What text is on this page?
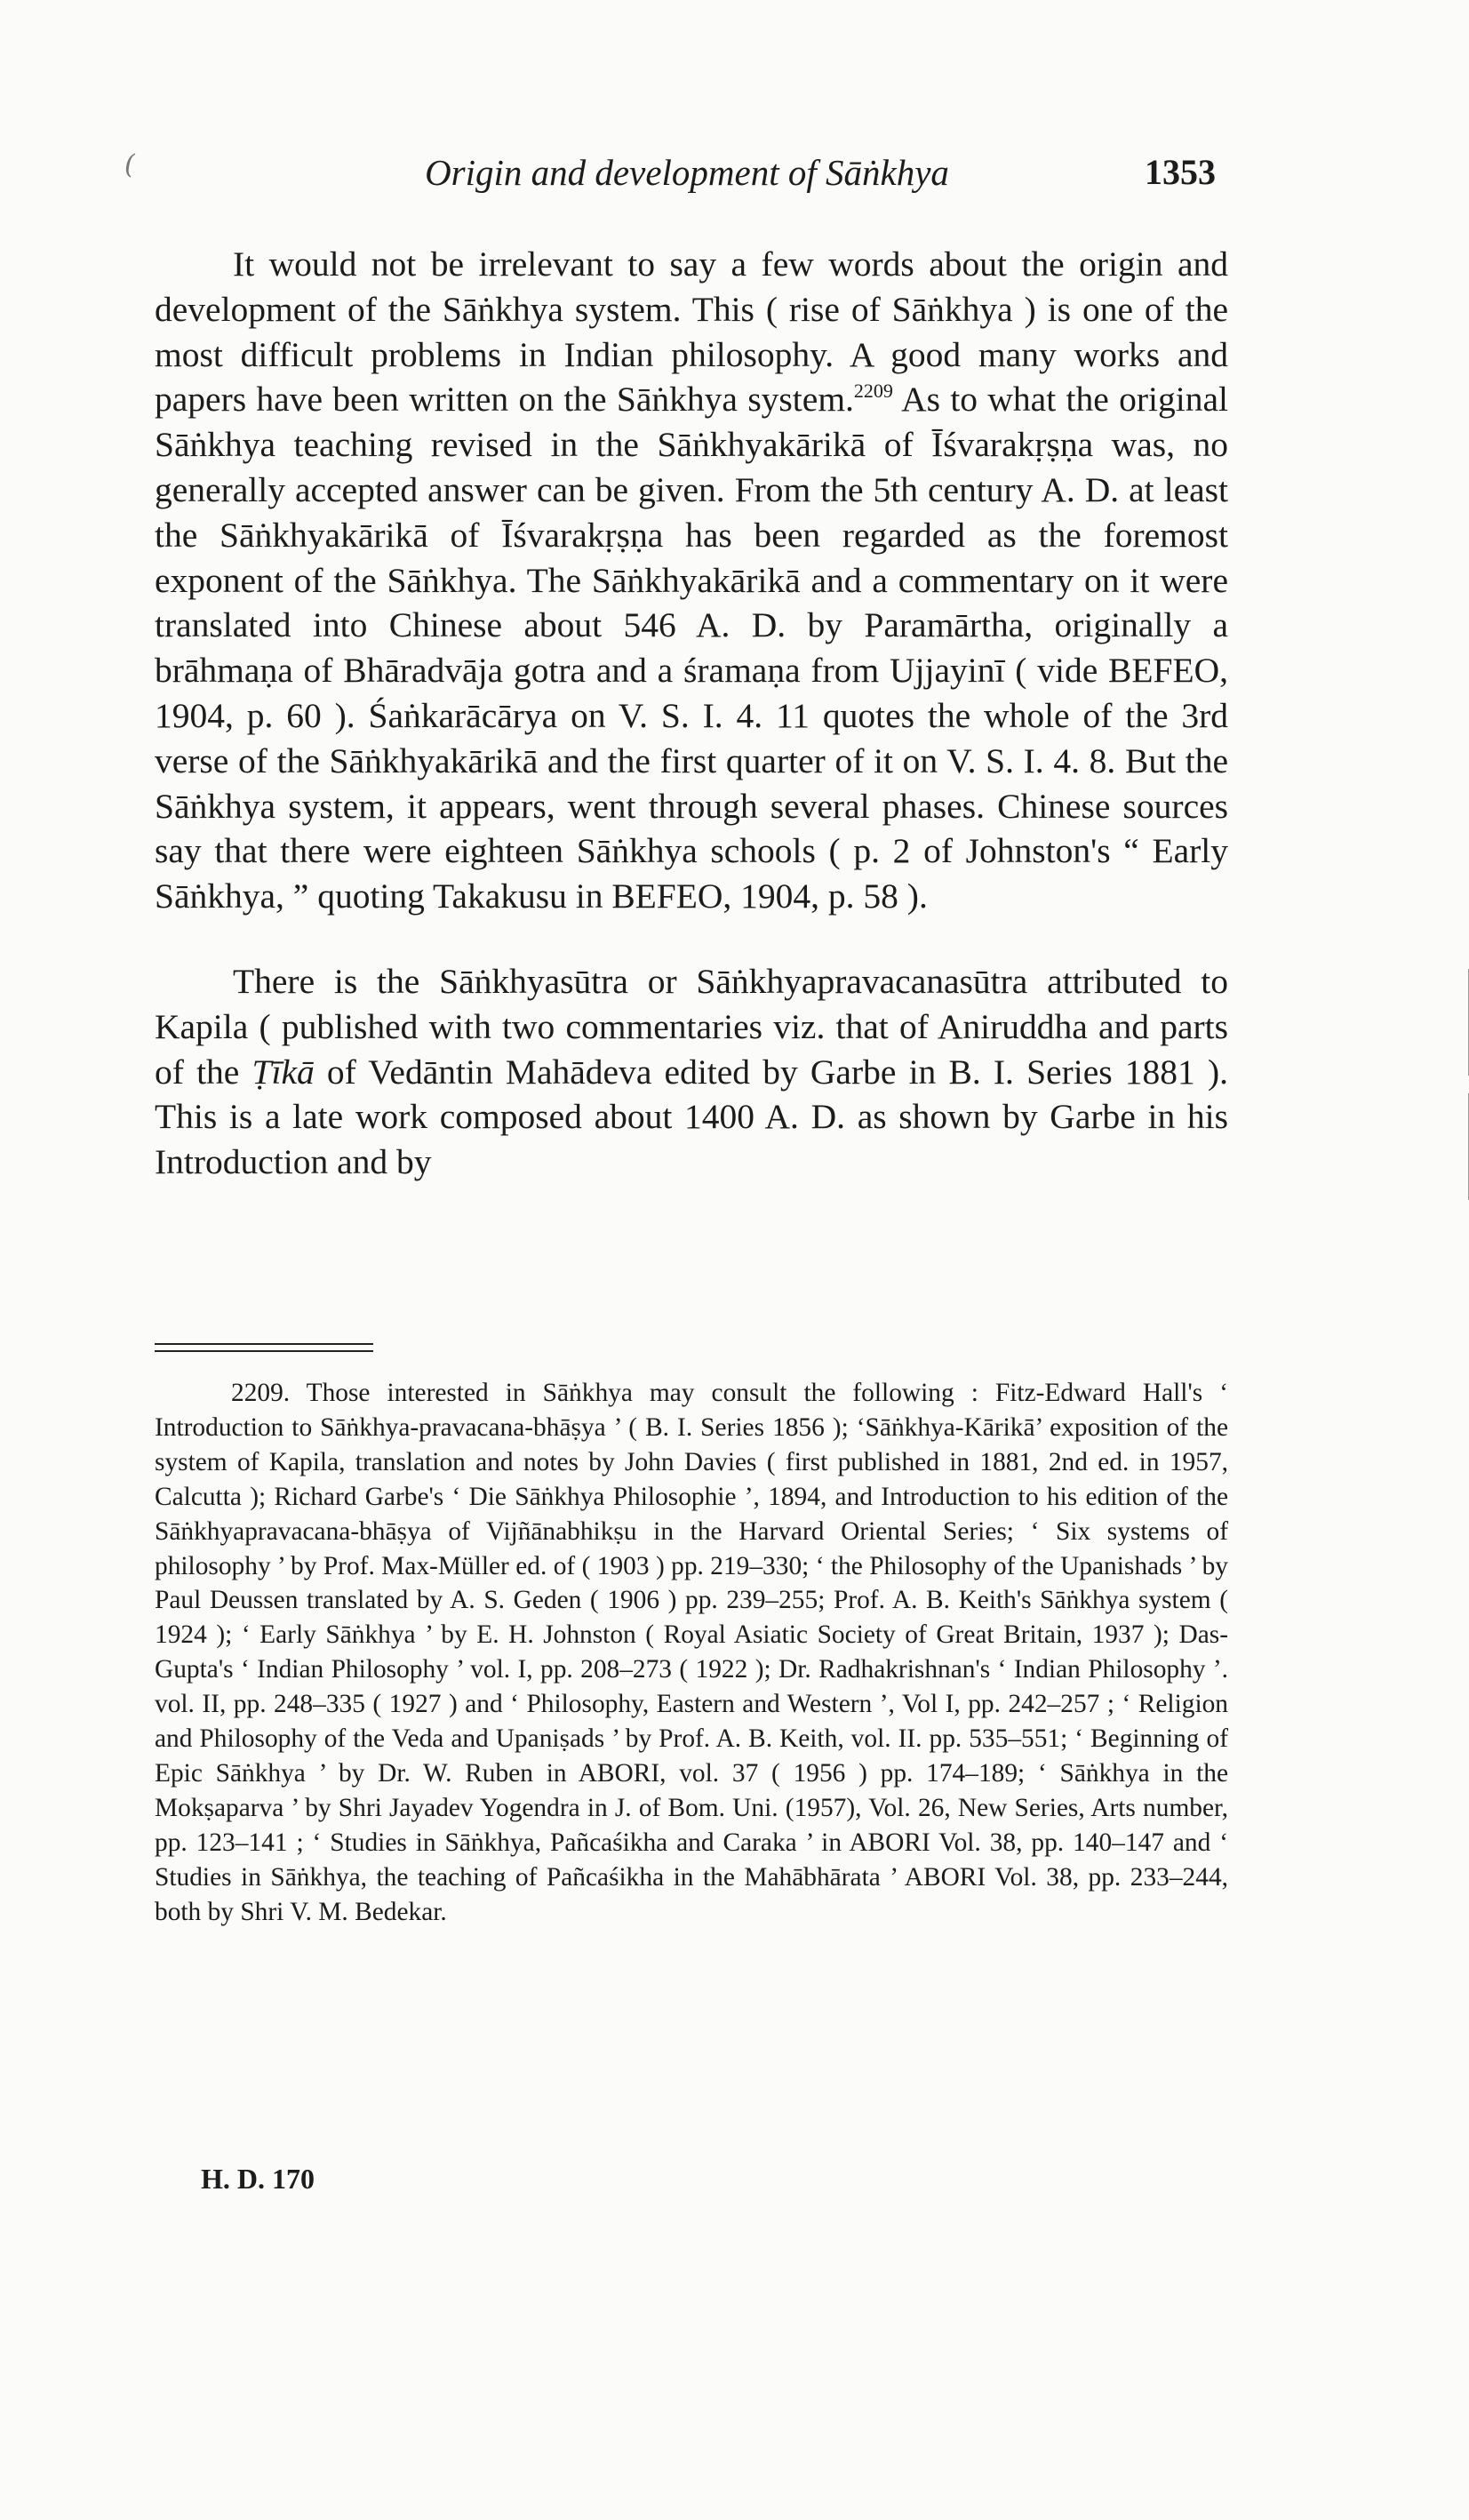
(	Origin and development of Sāṅkhya	1353

It would not be irrelevant to say a few words about the origin and development of the Sāṅkhya system. This ( rise of Sāṅkhya ) is one of the most difficult problems in Indian philosophy. A good many works and papers have been written on the Sāṅkhya system.$^{2209}$ As to what the original Sāṅkhya teaching revised in the Sāṅkhyakārikā of Īśvarakṛṣṇa was, no generally accepted answer can be given. From the 5th century A. D. at least the Sāṅkhyakārikā of Īśvarakṛṣṇa has been regarded as the foremost exponent of the Sāṅkhya. The Sāṅkhyakārikā and a commentary on it were translated into Chinese about 546 A. D. by Paramārtha, originally a brāhmaṇa of Bhāradvāja gotra and a śramaṇa from Ujjayinī ( vide BEFEO, 1904, p. 60 ). Śaṅkarācārya on V. S. I. 4. 11 quotes the whole of the 3rd verse of the Sāṅkhyakārikā and the first quarter of it on V. S. I. 4. 8. But the Sāṅkhya system, it appears, went through several phases. Chinese sources say that there were eighteen Sāṅkhya schools ( p. 2 of Johnston's “ Early Sāṅkhya, ” quoting Takakusu in BEFEO, 1904, p. 58 ).

There is the Sāṅkhyasūtra or Sāṅkhyapravacanasūtra attributed to Kapila ( published with two commentaries viz. that of Aniruddha and parts of the Ṭīkā of Vedāntin Mahādeva edited by Garbe in B. I. Series 1881 ). This is a late work composed about 1400 A. D. as shown by Garbe in his Introduction and by

2209. Those interested in Sāṅkhya may consult the following : Fitz-Edward Hall's ‘ Introduction to Sāṅkhya-pravacana-bhāṣya ’ ( B. I. Series 1856 ); ‘Sāṅkhya-Kārikā’ exposition of the system of Kapila, translation and notes by John Davies ( first published in 1881, 2nd ed. in 1957, Calcutta ); Richard Garbe's ‘ Die Sāṅkhya Philosophie ’, 1894, and Introduction to his edition of the Sāṅkhyapravacana-bhāṣya of Vijñānabhikṣu in the Harvard Oriental Series; ‘ Six systems of philosophy ’ by Prof. Max-Müller ed. of ( 1903 ) pp. 219–330; ‘ the Philosophy of the Upanishads ’ by Paul Deussen translated by A. S. Geden ( 1906 ) pp. 239–255; Prof. A. B. Keith's Sāṅkhya system ( 1924 ); ‘ Early Sāṅkhya ’ by E. H. Johnston ( Royal Asiatic Society of Great Britain, 1937 ); Das-Gupta's ‘ Indian Philosophy ’ vol. I, pp. 208–273 ( 1922 ); Dr. Radhakrishnan's ‘ Indian Philosophy ’. vol. II, pp. 248–335 ( 1927 ) and ‘ Philosophy, Eastern and Western ’, Vol I, pp. 242–257 ; ‘ Religion and Philosophy of the Veda and Upaniṣads ’ by Prof. A. B. Keith, vol. II. pp. 535–551; ‘ Beginning of Epic Sāṅkhya ’ by Dr. W. Ruben in ABORI, vol. 37 ( 1956 ) pp. 174–189; ‘ Sāṅkhya in the Mokṣaparva ’ by Shri Jayadev Yogendra in J. of Bom. Uni. (1957), Vol. 26, New Series, Arts number, pp. 123–141 ; ‘ Studies in Sāṅkhya, Pañcaśikha and Caraka ’ in ABORI Vol. 38, pp. 140–147 and ‘ Studies in Sāṅkhya, the teaching of Pañcaśikha in the Mahābhārata ’ ABORI Vol. 38, pp. 233–244, both by Shri V. M. Bedekar.

H. D. 170
